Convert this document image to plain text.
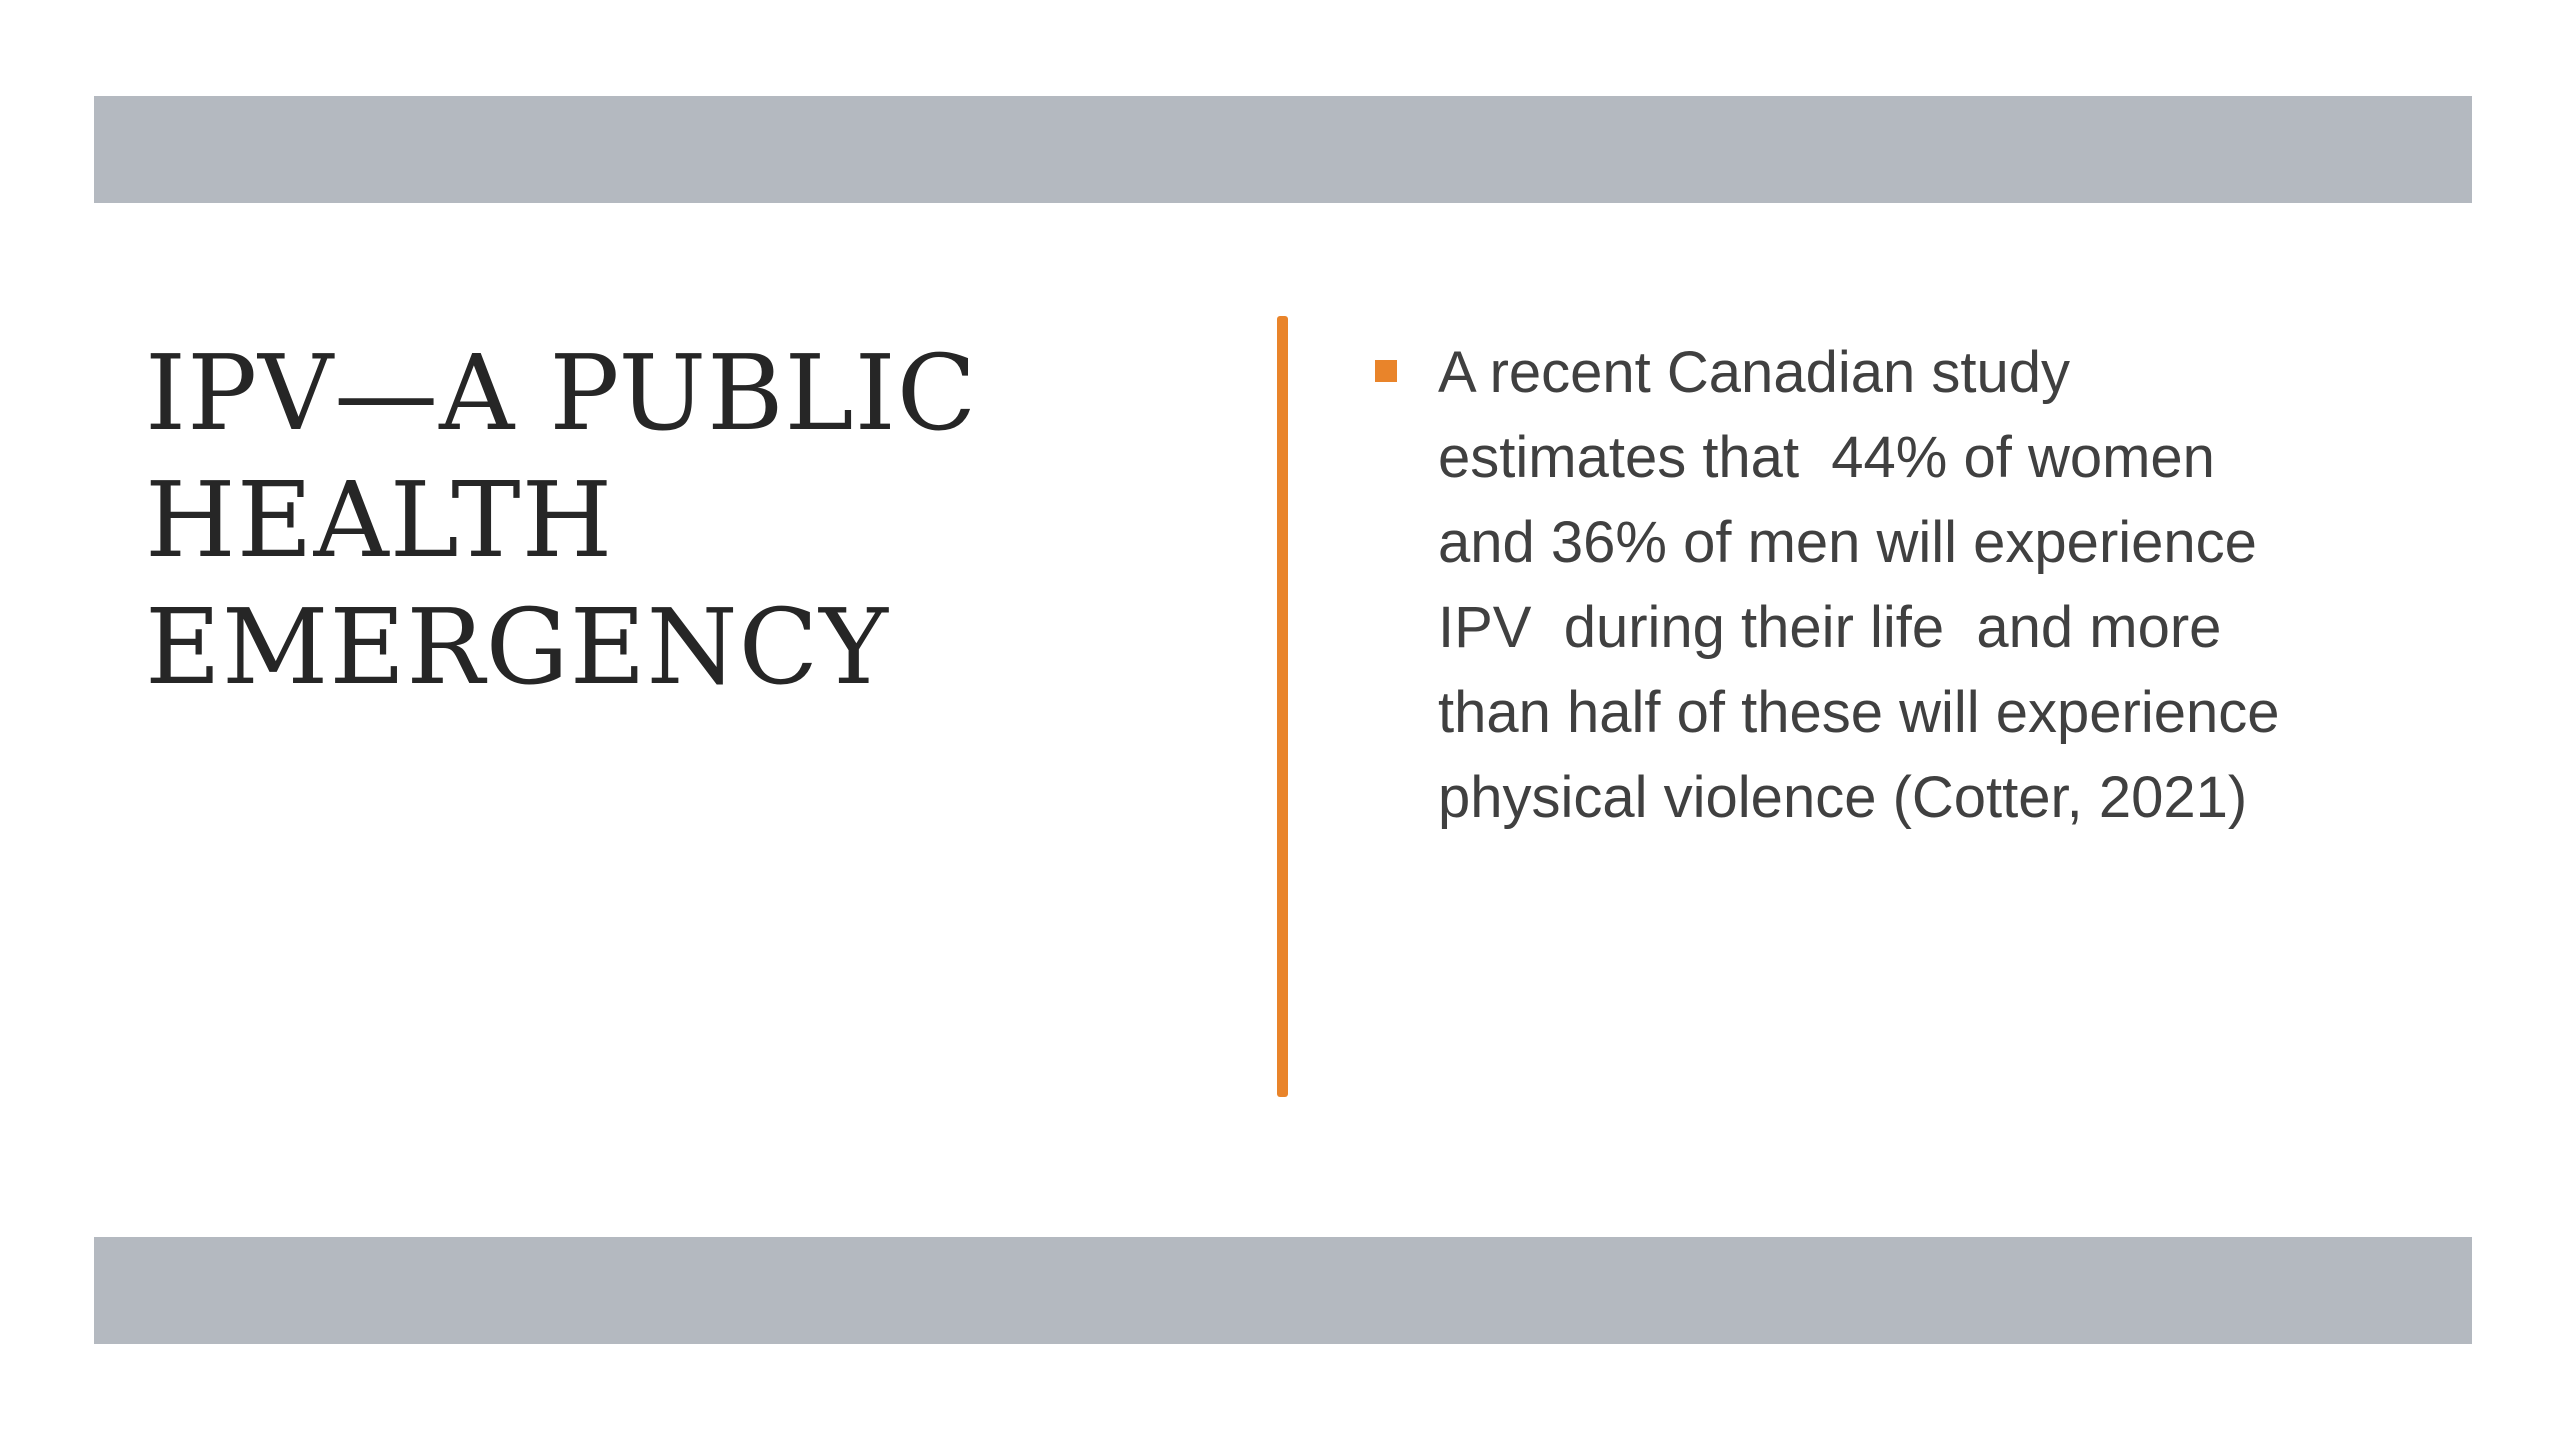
IPV—A PUBLIC
HEALTH
EMERGENCY
A recent Canadian study
estimates that  44% of women
and 36% of men will experience
IPV  during their life  and more
than half of these will experience
physical violence (Cotter, 2021)
